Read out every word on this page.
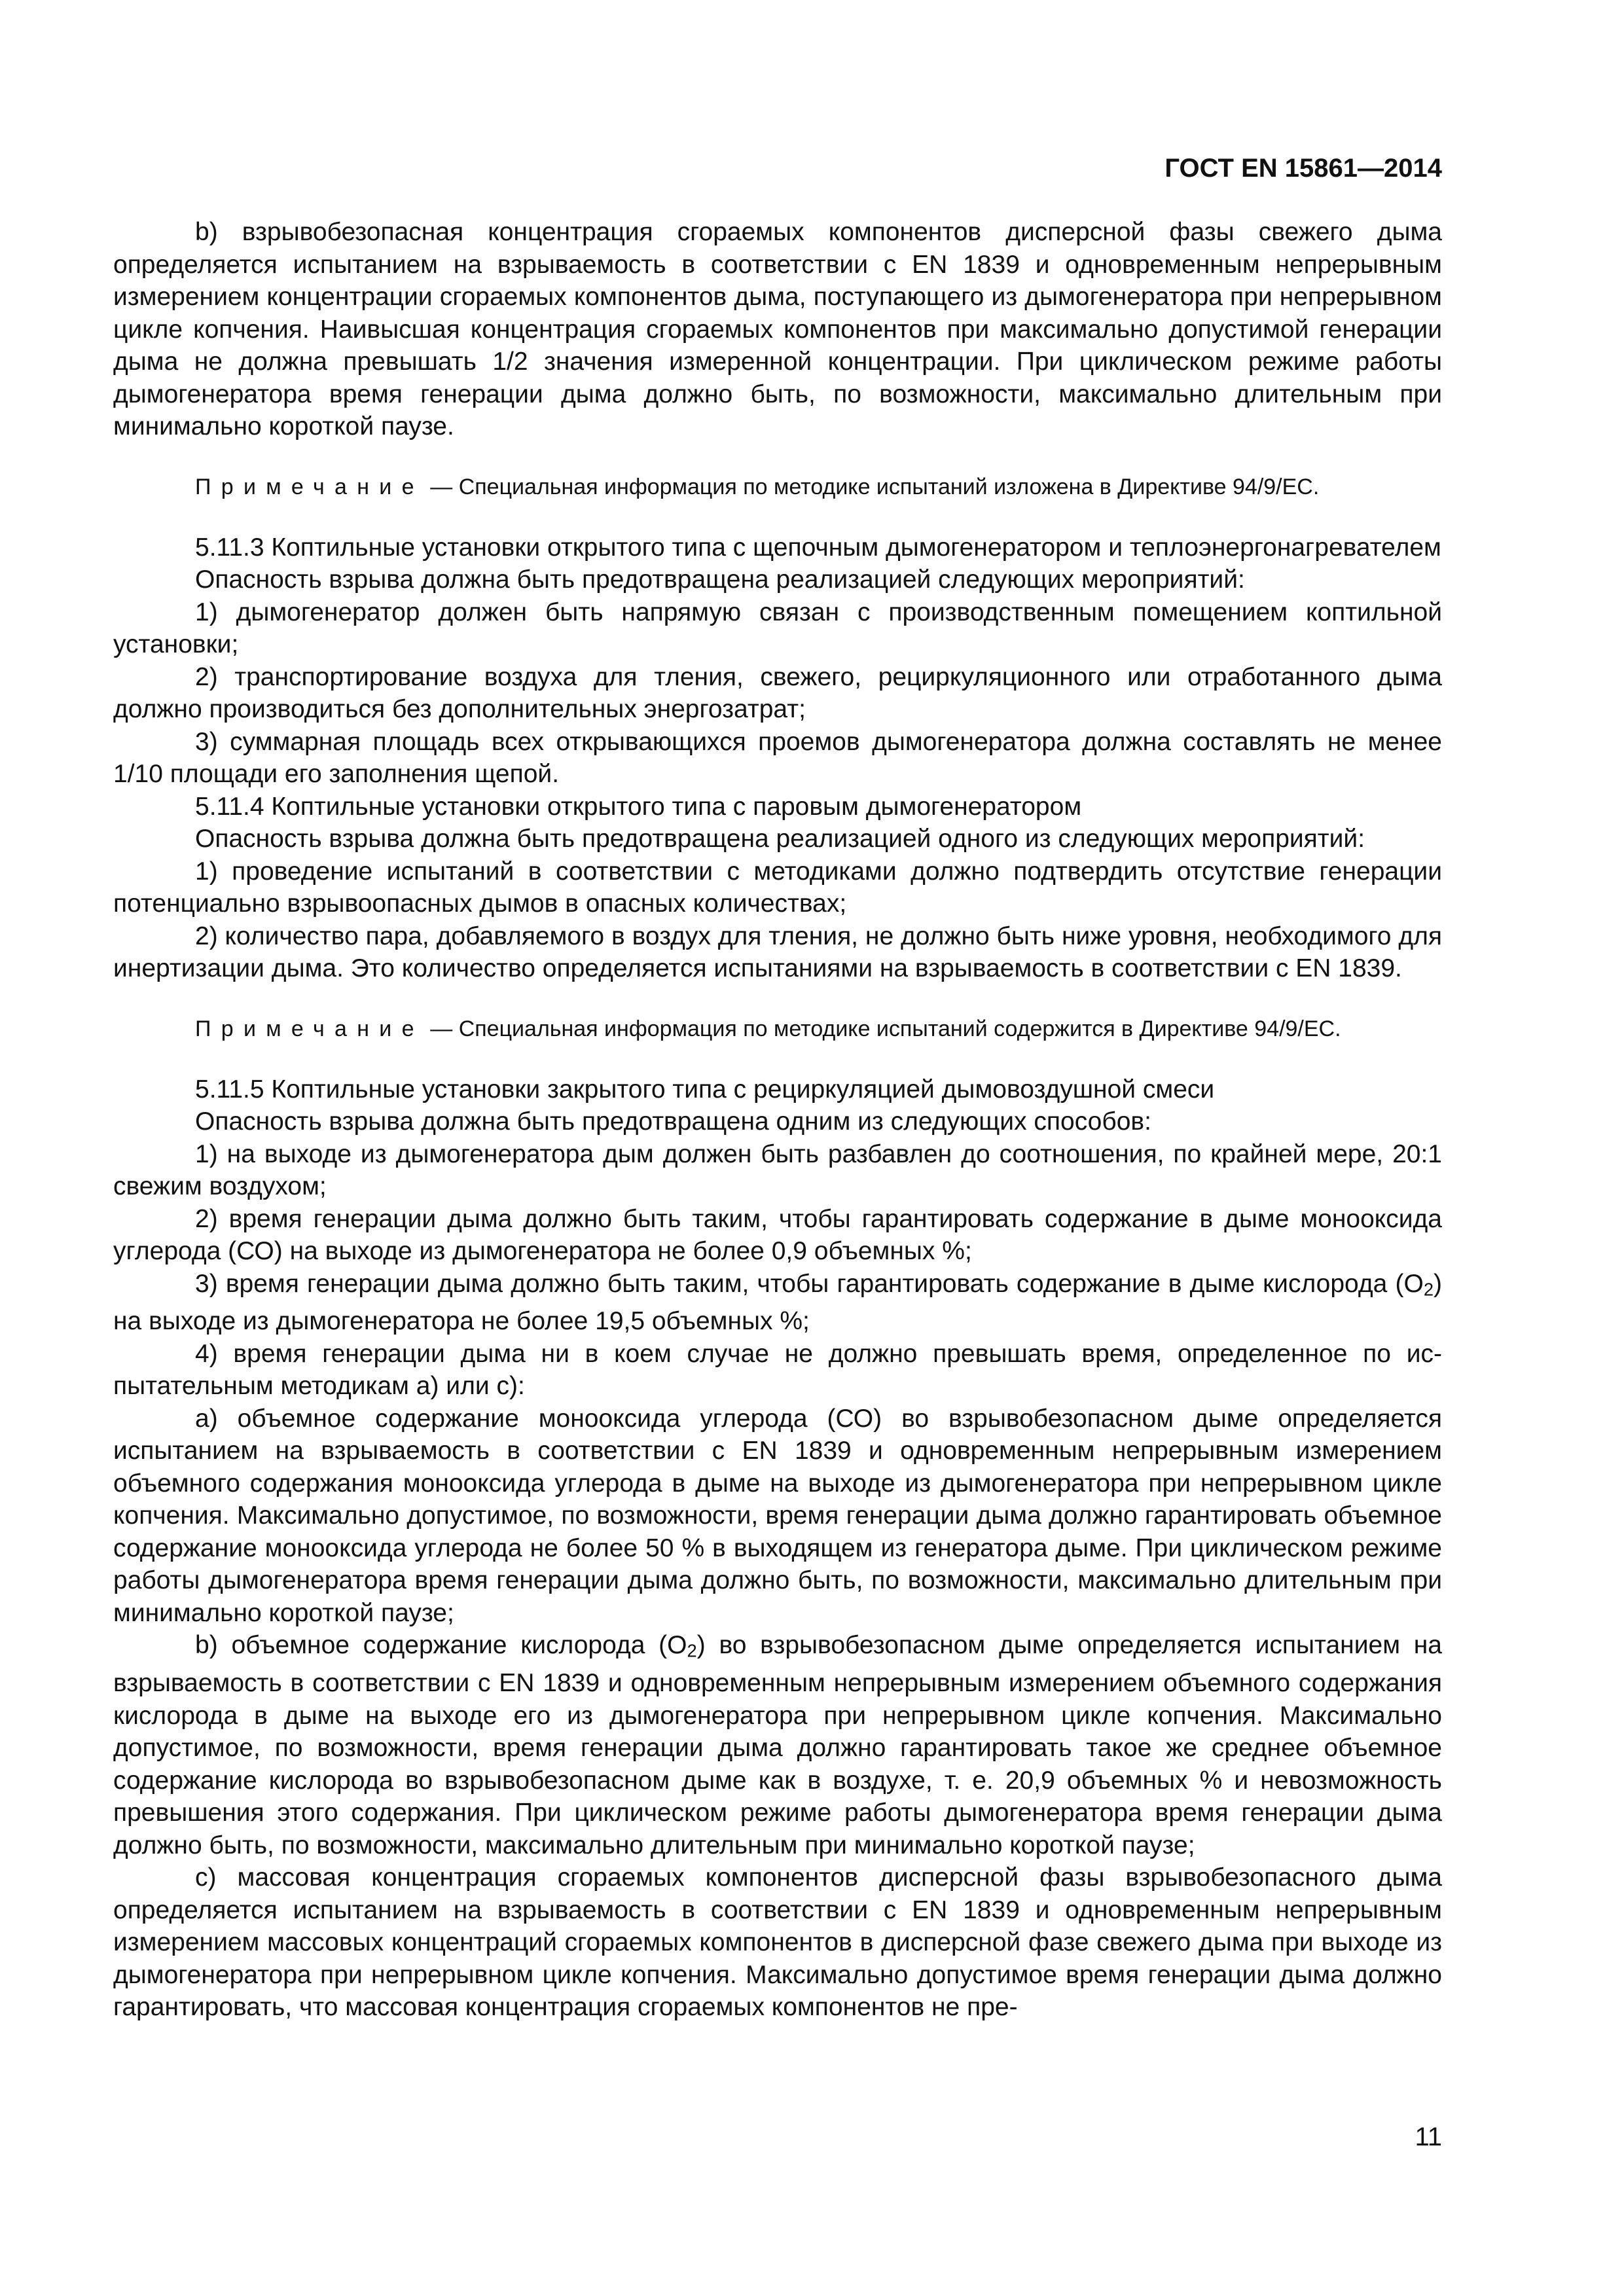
ГОСТ EN 15861—2014

b) взрывобезопасная концентрация сгораемых компонентов дисперсной фазы свежего дыма определяется испытанием на взрываемость в соответствии с EN 1839 и одновременным непрерывным измерением концентрации сгораемых компонентов дыма, поступающего из дымогенератора при непрерывном цикле копчения. Наивысшая концентрация сгораемых компонентов при максимально допустимой генерации дыма не должна превышать 1/2 значения измеренной концентрации. При циклическом режиме работы дымогенератора время генерации дыма должно быть, по возможности, максимально длительным при минимально короткой паузе.

Примечание — Специальная информация по методике испытаний изложена в Директиве 94/9/ЕС.

5.11.3 Коптильные установки открытого типа с щепочным дымогенератором и теплоэнергонагревателем

Опасность взрыва должна быть предотвращена реализацией следующих мероприятий:

1) дымогенератор должен быть напрямую связан с производственным помещением коптильной установки;

2) транспортирование воздуха для тления, свежего, рециркуляционного или отработанного дыма должно производиться без дополнительных энергозатрат;

3) суммарная площадь всех открывающихся проемов дымогенератора должна составлять не менее 1/10 площади его заполнения щепой.

5.11.4 Коптильные установки открытого типа с паровым дымогенератором

Опасность взрыва должна быть предотвращена реализацией одного из следующих мероприятий:

1) проведение испытаний в соответствии с методиками должно подтвердить отсутствие генерации потенциально взрывоопасных дымов в опасных количествах;

2) количество пара, добавляемого в воздух для тления, не должно быть ниже уровня, необходимого для инертизации дыма. Это количество определяется испытаниями на взрываемость в соответствии с EN 1839.

Примечание — Специальная информация по методике испытаний содержится в Директиве 94/9/ЕС.

5.11.5 Коптильные установки закрытого типа с рециркуляцией дымовоздушной смеси

Опасность взрыва должна быть предотвращена одним из следующих способов:

1) на выходе из дымогенератора дым должен быть разбавлен до соотношения, по крайней мере, 20:1 свежим воздухом;

2) время генерации дыма должно быть таким, чтобы гарантировать содержание в дыме монооксида углерода (СО) на выходе из дымогенератора не более 0,9 объемных %;

3) время генерации дыма должно быть таким, чтобы гарантировать содержание в дыме кислорода (O2) на выходе из дымогенератора не более 19,5 объемных %;

4) время генерации дыма ни в коем случае не должно превышать время, определенное по испытательным методикам а) или с):

а) объемное содержание монооксида углерода (СО) во взрывобезопасном дыме определяется испытанием на взрываемость в соответствии с EN 1839 и одновременным непрерывным измерением объемного содержания монооксида углерода в дыме на выходе из дымогенератора при непрерывном цикле копчения. Максимально допустимое, по возможности, время генерации дыма должно гарантировать объемное содержание монооксида углерода не более 50 % в выходящем из генератора дыме. При циклическом режиме работы дымогенератора время генерации дыма должно быть, по возможности, максимально длительным при минимально короткой паузе;

b) объемное содержание кислорода (O2) во взрывобезопасном дыме определяется испытанием на взрываемость в соответствии с EN 1839 и одновременным непрерывным измерением объемного содержания кислорода в дыме на выходе его из дымогенератора при непрерывном цикле копчения. Максимально допустимое, по возможности, время генерации дыма должно гарантировать такое же среднее объемное содержание кислорода во взрывобезопасном дыме как в воздухе, т. е. 20,9 объемных % и невозможность превышения этого содержания. При циклическом режиме работы дымогенератора время генерации дыма должно быть, по возможности, максимально длительным при минимально короткой паузе;

с) массовая концентрация сгораемых компонентов дисперсной фазы взрывобезопасного дыма определяется испытанием на взрываемость в соответствии с EN 1839 и одновременным непрерывным измерением массовых концентраций сгораемых компонентов в дисперсной фазе свежего дыма при выходе из дымогенератора при непрерывном цикле копчения. Максимально допустимое время генерации дыма должно гарантировать, что массовая концентрация сгораемых компонентов не пре-

11
